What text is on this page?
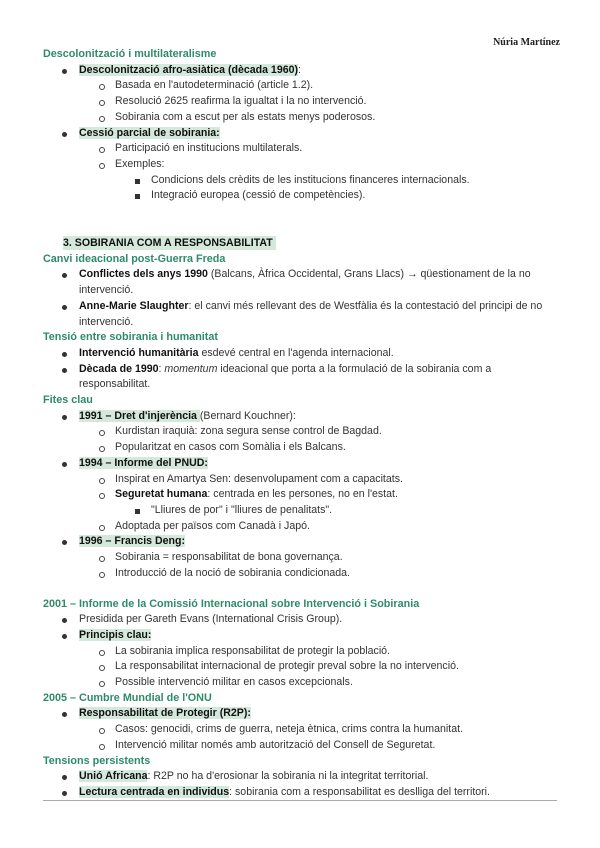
Núria Martínez
Descolonització i multilateralisme
Descolonització afro-asiàtica (dècada 1960):
Basada en l'autodeterminació (article 1.2).
Resolució 2625 reafirma la igualtat i la no intervenció.
Sobirania com a escut per als estats menys poderosos.
Cessió parcial de sobirania:
Participació en institucions multilaterals.
Exemples:
Condicions dels crèdits de les institucions financeres internacionals.
Integració europea (cessió de competències).
3. SOBIRANIA COM A RESPONSABILITAT
Canvi ideacional post-Guerra Freda
Conflictes dels anys 1990 (Balcans, Àfrica Occidental, Grans Llacs) → qüestionament de la no intervenció.
Anne-Marie Slaughter: el canvi més rellevant des de Westfàlia és la contestació del principi de no intervenció.
Tensió entre sobirania i humanitat
Intervenció humanitària esdevé central en l'agenda internacional.
Dècada de 1990: momentum ideacional que porta a la formulació de la sobirania com a responsabilitat.
Fites clau
1991 – Dret d'injerència (Bernard Kouchner):
Kurdistan iraquià: zona segura sense control de Bagdad.
Popularitzat en casos com Somàlia i els Balcans.
1994 – Informe del PNUD:
Inspirat en Amartya Sen: desenvolupament com a capacitats.
Seguretat humana: centrada en les persones, no en l'estat.
"Lliures de por" i "lliures de penalitats".
Adoptada per països com Canadà i Japó.
1996 – Francis Deng:
Sobirania = responsabilitat de bona governança.
Introducció de la noció de sobirania condicionada.
2001 – Informe de la Comissió Internacional sobre Intervenció i Sobirania
Presidida per Gareth Evans (International Crisis Group).
Principis clau:
La sobirania implica responsabilitat de protegir la població.
La responsabilitat internacional de protegir preval sobre la no intervenció.
Possible intervenció militar en casos excepcionals.
2005 – Cumbre Mundial de l'ONU
Responsabilitat de Protegir (R2P):
Casos: genocidi, crims de guerra, neteja ètnica, crims contra la humanitat.
Intervenció militar només amb autorització del Consell de Seguretat.
Tensions persistents
Unió Africana: R2P no ha d'erosionar la sobirania ni la integritat territorial.
Lectura centrada en individus: sobirania com a responsabilitat es deslliga del territori.
